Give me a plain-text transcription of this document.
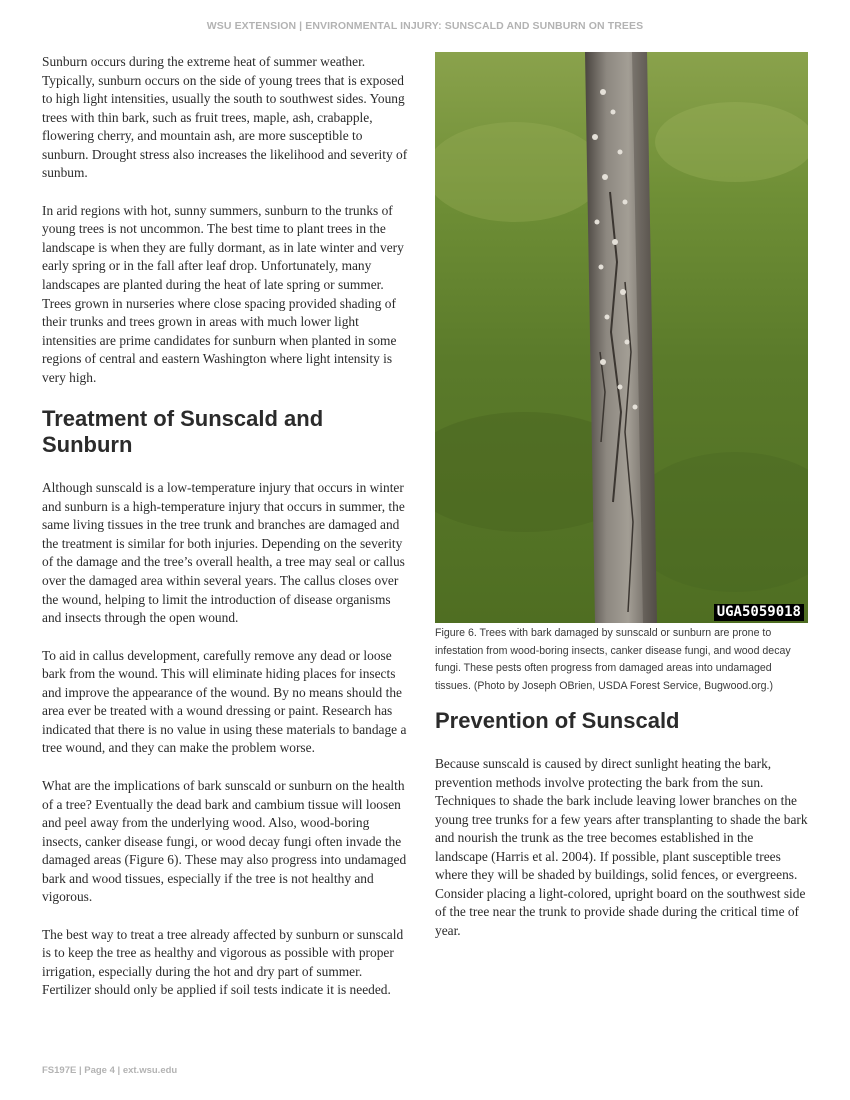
WSU EXTENSION | ENVIRONMENTAL INJURY: SUNSCALD AND SUNBURN ON TREES

Sunburn occurs during the extreme heat of summer weather. Typically, sunburn occurs on the side of young trees that is exposed to high light intensities, usually the south to southwest sides. Young trees with thin bark, such as fruit trees, maple, ash, crabapple, flowering cherry, and mountain ash, are more susceptible to sunburn. Drought stress also increases the likelihood and severity of sunbum.

In arid regions with hot, sunny summers, sunburn to the trunks of young trees is not uncommon. The best time to plant trees in the landscape is when they are fully dormant, as in late winter and very early spring or in the fall after leaf drop. Unfortunately, many landscapes are planted during the heat of late spring or summer. Trees grown in nurseries where close spacing provided shading of their trunks and trees grown in areas with much lower light intensities are prime candidates for sunburn when planted in some regions of central and eastern Washington where light intensity is very high.

Treatment of Sunscald and Sunburn

Although sunscald is a low-temperature injury that occurs in winter and sunburn is a high-temperature injury that occurs in summer, the same living tissues in the tree trunk and branches are damaged and the treatment is similar for both injuries. Depending on the severity of the damage and the tree’s overall health, a tree may seal or callus over the damaged area within several years. The callus closes over the wound, helping to limit the introduction of disease organisms and insects through the open wound.

To aid in callus development, carefully remove any dead or loose bark from the wound. This will eliminate hiding places for insects and improve the appearance of the wound. By no means should the area ever be treated with a wound dressing or paint. Research has indicated that there is no value in using these materials to bandage a tree wound, and they can make the problem worse.

What are the implications of bark sunscald or sunburn on the health of a tree? Eventually the dead bark and cambium tissue will loosen and peel away from the underlying wood. Also, wood-boring insects, canker disease fungi, or wood decay fungi often invade the damaged areas (Figure 6). These may also progress into undamaged bark and wood tissues, especially if the tree is not healthy and vigorous.

The best way to treat a tree already affected by sunburn or sunscald is to keep the tree as healthy and vigorous as possible with proper irrigation, especially during the hot and dry part of summer. Fertilizer should only be applied if soil tests indicate it is needed.

UGA5059018

Figure 6. Trees with bark damaged by sunscald or sunburn are prone to infestation from wood-boring insects, canker disease fungi, and wood decay fungi. These pests often progress from damaged areas into undamaged tissues. (Photo by Joseph OBrien, USDA Forest Service, Bugwood.org.)

Prevention of Sunscald

Because sunscald is caused by direct sunlight heating the bark, prevention methods involve protecting the bark from the sun. Techniques to shade the bark include leaving lower branches on the young tree trunks for a few years after transplanting to shade the bark and nourish the trunk as the tree becomes established in the landscape (Harris et al. 2004). If possible, plant susceptible trees where they will be shaded by buildings, solid fences, or evergreens. Consider placing a light-colored, upright board on the southwest side of the tree near the trunk to provide shade during the critical time of year.

FS197E | Page 4 | ext.wsu.edu
